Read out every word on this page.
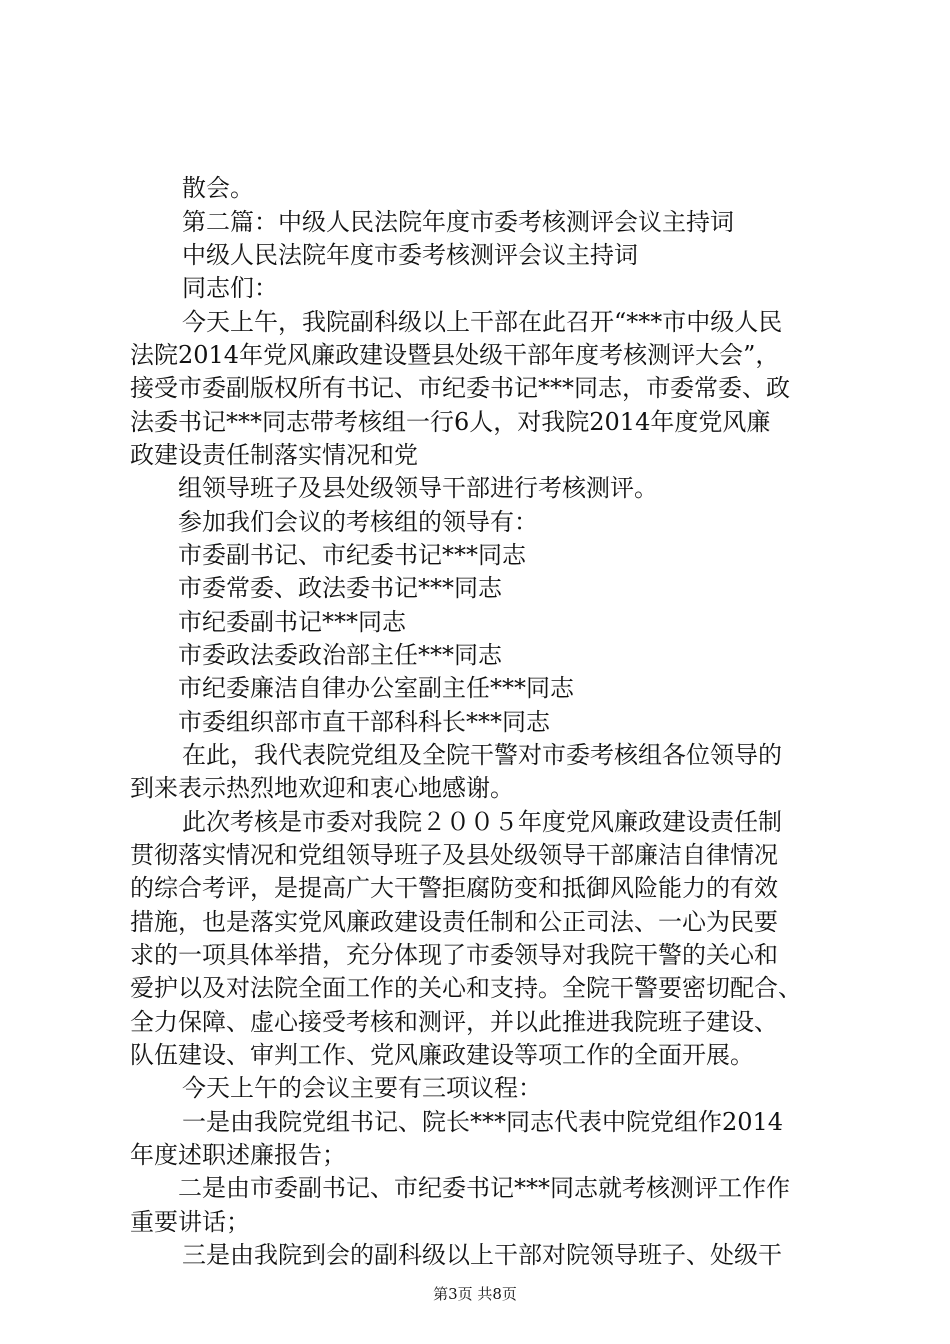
散会。
第二篇：中级人民法院年度市委考核测评会议主持词
中级人民法院年度市委考核测评会议主持词
同志们：
今天上午，我院副科级以上干部在此召开“***市中级人民
法院2014年党风廉政建设暨县处级干部年度考核测评大会”，
接受市委副版权所有书记、市纪委书记***同志，市委常委、政
法委书记***同志带考核组一行6人，对我院2014年度党风廉
政建设责任制落实情况和党
组领导班子及县处级领导干部进行考核测评。
参加我们会议的考核组的领导有：
市委副书记、市纪委书记***同志
市委常委、政法委书记***同志
市纪委副书记***同志
市委政法委政治部主任***同志
市纪委廉洁自律办公室副主任***同志
市委组织部市直干部科科长***同志
在此，我代表院党组及全院干警对市委考核组各位领导的
到来表示热烈地欢迎和衷心地感谢。
此次考核是市委对我院２００５年度党风廉政建设责任制
贯彻落实情况和党组领导班子及县处级领导干部廉洁自律情况
的综合考评，是提高广大干警拒腐防变和抵御风险能力的有效
措施，也是落实党风廉政建设责任制和公正司法、一心为民要
求的一项具体举措，充分体现了市委领导对我院干警的关心和
爱护以及对法院全面工作的关心和支持。全院干警要密切配合、
全力保障、虚心接受考核和测评，并以此推进我院班子建设、
队伍建设、审判工作、党风廉政建设等项工作的全面开展。
今天上午的会议主要有三项议程：
一是由我院党组书记、院长***同志代表中院党组作2014
年度述职述廉报告；
二是由市委副书记、市纪委书记***同志就考核测评工作作
重要讲话；
三是由我院到会的副科级以上干部对院领导班子、处级干
第3页 共8页
